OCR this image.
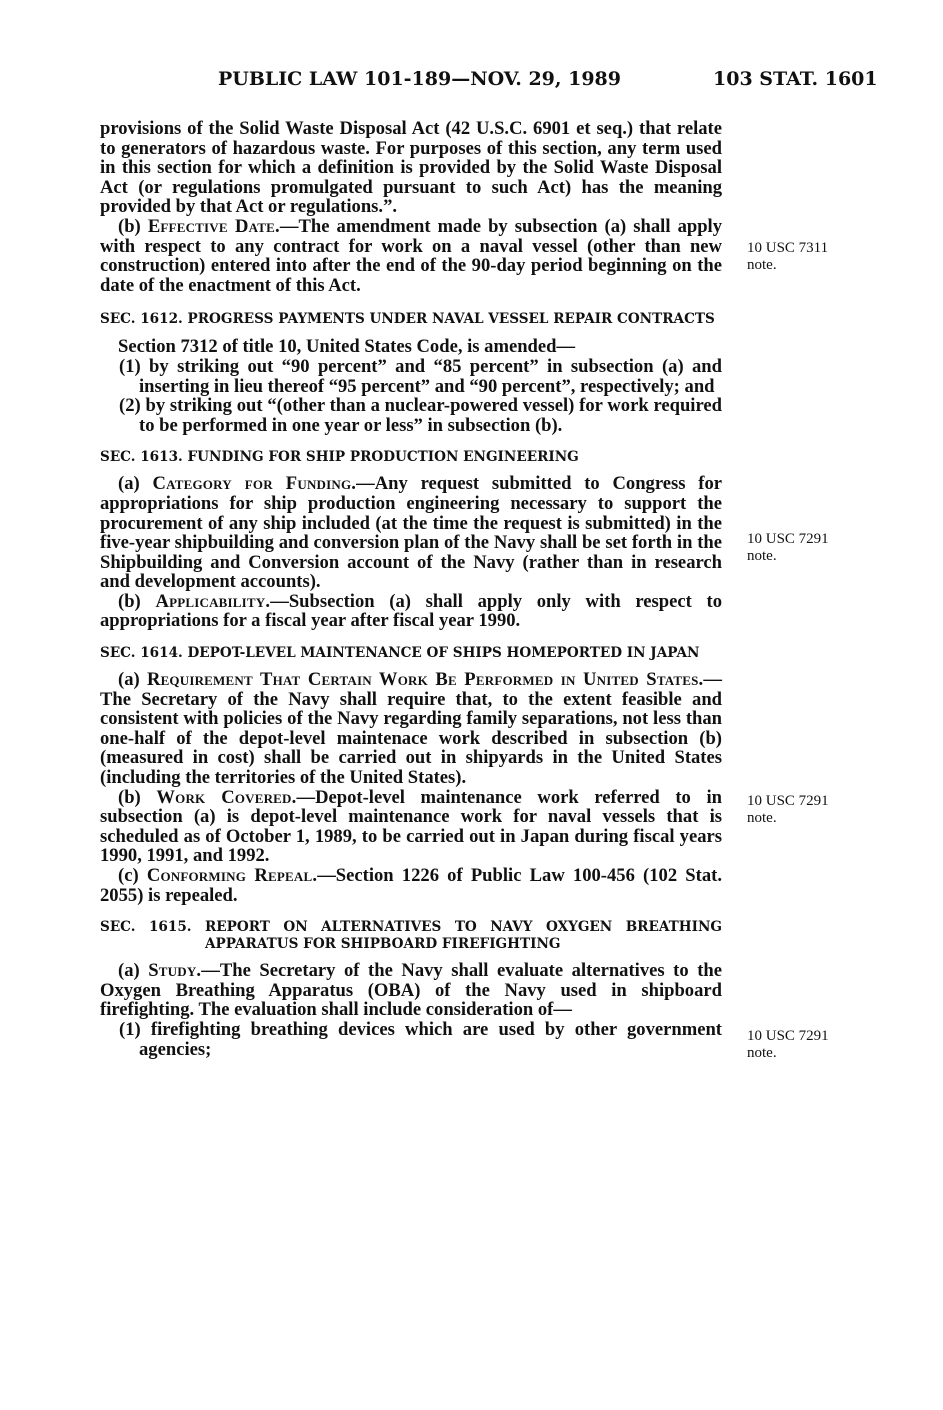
PUBLIC LAW 101-189—NOV. 29, 1989	103 STAT. 1601

provisions of the Solid Waste Disposal Act (42 U.S.C. 6901 et seq.) that relate to generators of hazardous waste. For purposes of this section, any term used in this section for which a definition is provided by the Solid Waste Disposal Act (or regulations promulgated pursuant to such Act) has the meaning provided by that Act or regulations.”.

(b) Effective Date.—The amendment made by subsection (a) shall apply with respect to any contract for work on a naval vessel (other than new construction) entered into after the end of the 90-day period beginning on the date of the enactment of this Act.

SEC. 1612. PROGRESS PAYMENTS UNDER NAVAL VESSEL REPAIR CONTRACTS

Section 7312 of title 10, United States Code, is amended—

(1) by striking out “90 percent” and “85 percent” in subsection (a) and inserting in lieu thereof “95 percent” and “90 percent”, respectively; and

(2) by striking out “(other than a nuclear-powered vessel) for work required to be performed in one year or less” in subsection (b).

SEC. 1613. FUNDING FOR SHIP PRODUCTION ENGINEERING

(a) Category for Funding.—Any request submitted to Congress for appropriations for ship production engineering necessary to support the procurement of any ship included (at the time the request is submitted) in the five-year shipbuilding and conversion plan of the Navy shall be set forth in the Shipbuilding and Conversion account of the Navy (rather than in research and development accounts).

(b) Applicability.—Subsection (a) shall apply only with respect to appropriations for a fiscal year after fiscal year 1990.

SEC. 1614. DEPOT-LEVEL MAINTENANCE OF SHIPS HOMEPORTED IN JAPAN

(a) Requirement That Certain Work Be Performed in United States.—The Secretary of the Navy shall require that, to the extent feasible and consistent with policies of the Navy regarding family separations, not less than one-half of the depot-level maintenace work described in subsection (b) (measured in cost) shall be carried out in shipyards in the United States (including the territories of the United States).

(b) Work Covered.—Depot-level maintenance work referred to in subsection (a) is depot-level maintenance work for naval vessels that is scheduled as of October 1, 1989, to be carried out in Japan during fiscal years 1990, 1991, and 1992.

(c) Conforming Repeal.—Section 1226 of Public Law 100-456 (102 Stat. 2055) is repealed.

SEC. 1615. REPORT ON ALTERNATIVES TO NAVY OXYGEN BREATHING APPARATUS FOR SHIPBOARD FIREFIGHTING

(a) Study.—The Secretary of the Navy shall evaluate alternatives to the Oxygen Breathing Apparatus (OBA) of the Navy used in shipboard firefighting. The evaluation shall include consideration of—

(1) firefighting breathing devices which are used by other government agencies;

10 USC 7311
note.
10 USC 7291
note.
10 USC 7291
note.
10 USC 7291
note.
